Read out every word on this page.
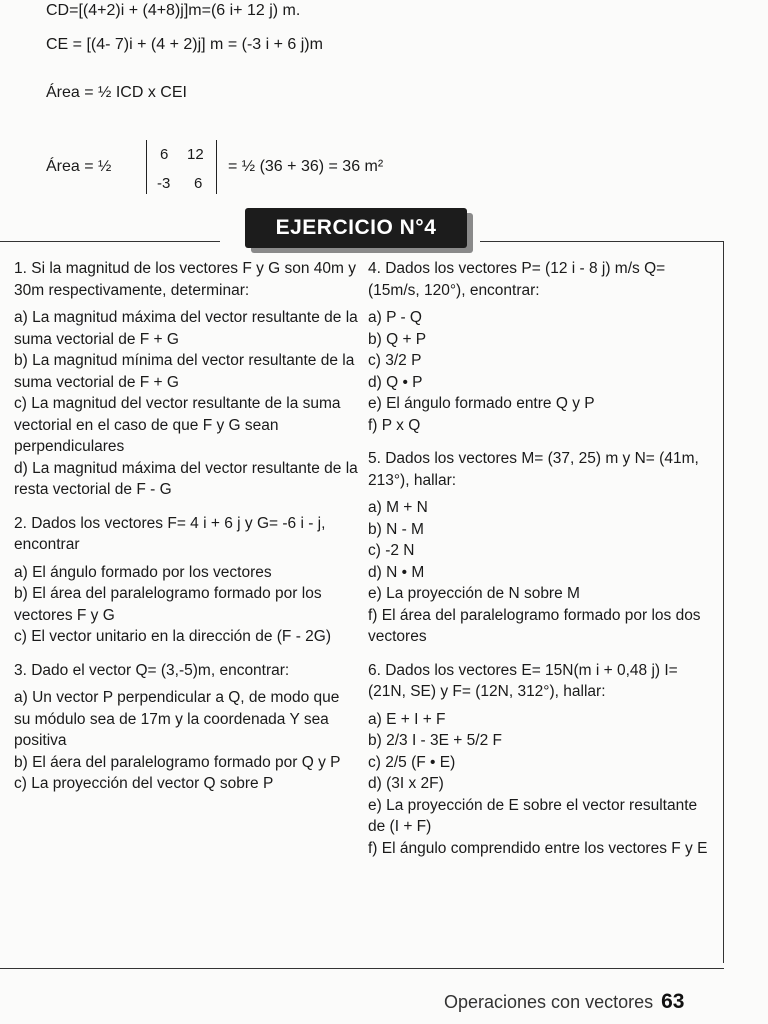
CD=[(4+2)i + (4+8)j]m=(6 i+ 12 j) m.
CE = [(4- 7)i + (4 + 2)j] m = (-3 i + 6 j)m
Área = ½ ICD x CEI
Área = ½
6 12
-3 6
= ½ (36 + 36) = 36 m²
EJERCICIO N°4

1. Si la magnitud de los vectores F y G son 40m y 30m respectivamente, determinar:

a) La magnitud máxima del vector resultante de la suma vectorial de F + G

b) La magnitud mínima del vector resultante de la suma vectorial de F + G

c) La magnitud del vector resultante de la suma vectorial en el caso de que F y G sean perpendiculares

d) La magnitud máxima del vector resultante de la resta vectorial de F - G

2. Dados los vectores F= 4 i + 6 j y G= -6 i - j, encontrar

a) El ángulo formado por los vectores

b) El área del paralelogramo formado por los vectores F y G

c) El vector unitario en la dirección de (F - 2G)

3. Dado el vector Q= (3,-5)m, encontrar:

a) Un vector P perpendicular a Q, de modo que su módulo sea de 17m y la coordenada Y sea positiva

b) El áera del paralelogramo formado por Q y P

c) La proyección del vector Q sobre P

4. Dados los vectores P= (12 i - 8 j) m/s Q= (15m/s, 120°), encontrar:

a) P - Q

b) Q + P

c) 3/2 P

d) Q • P

e) El ángulo formado entre Q y P

f) P x Q

5. Dados los vectores M= (37, 25) m y N= (41m, 213°), hallar:

a) M + N

b) N - M

c) -2 N

d) N • M

e) La proyección de N sobre M

f) El área del paralelogramo formado por los dos vectores

6. Dados los vectores E= 15N(m i + 0,48 j) I= (21N, SE) y F= (12N, 312°), hallar:

a) E + I + F

b) 2/3 I - 3E + 5/2 F

c) 2/5 (F • E)

d) (3I x 2F)

e) La proyección de E sobre el vector resultante de (I + F)

f) El ángulo comprendido entre los vectores F y E

Operaciones con vectores 63
